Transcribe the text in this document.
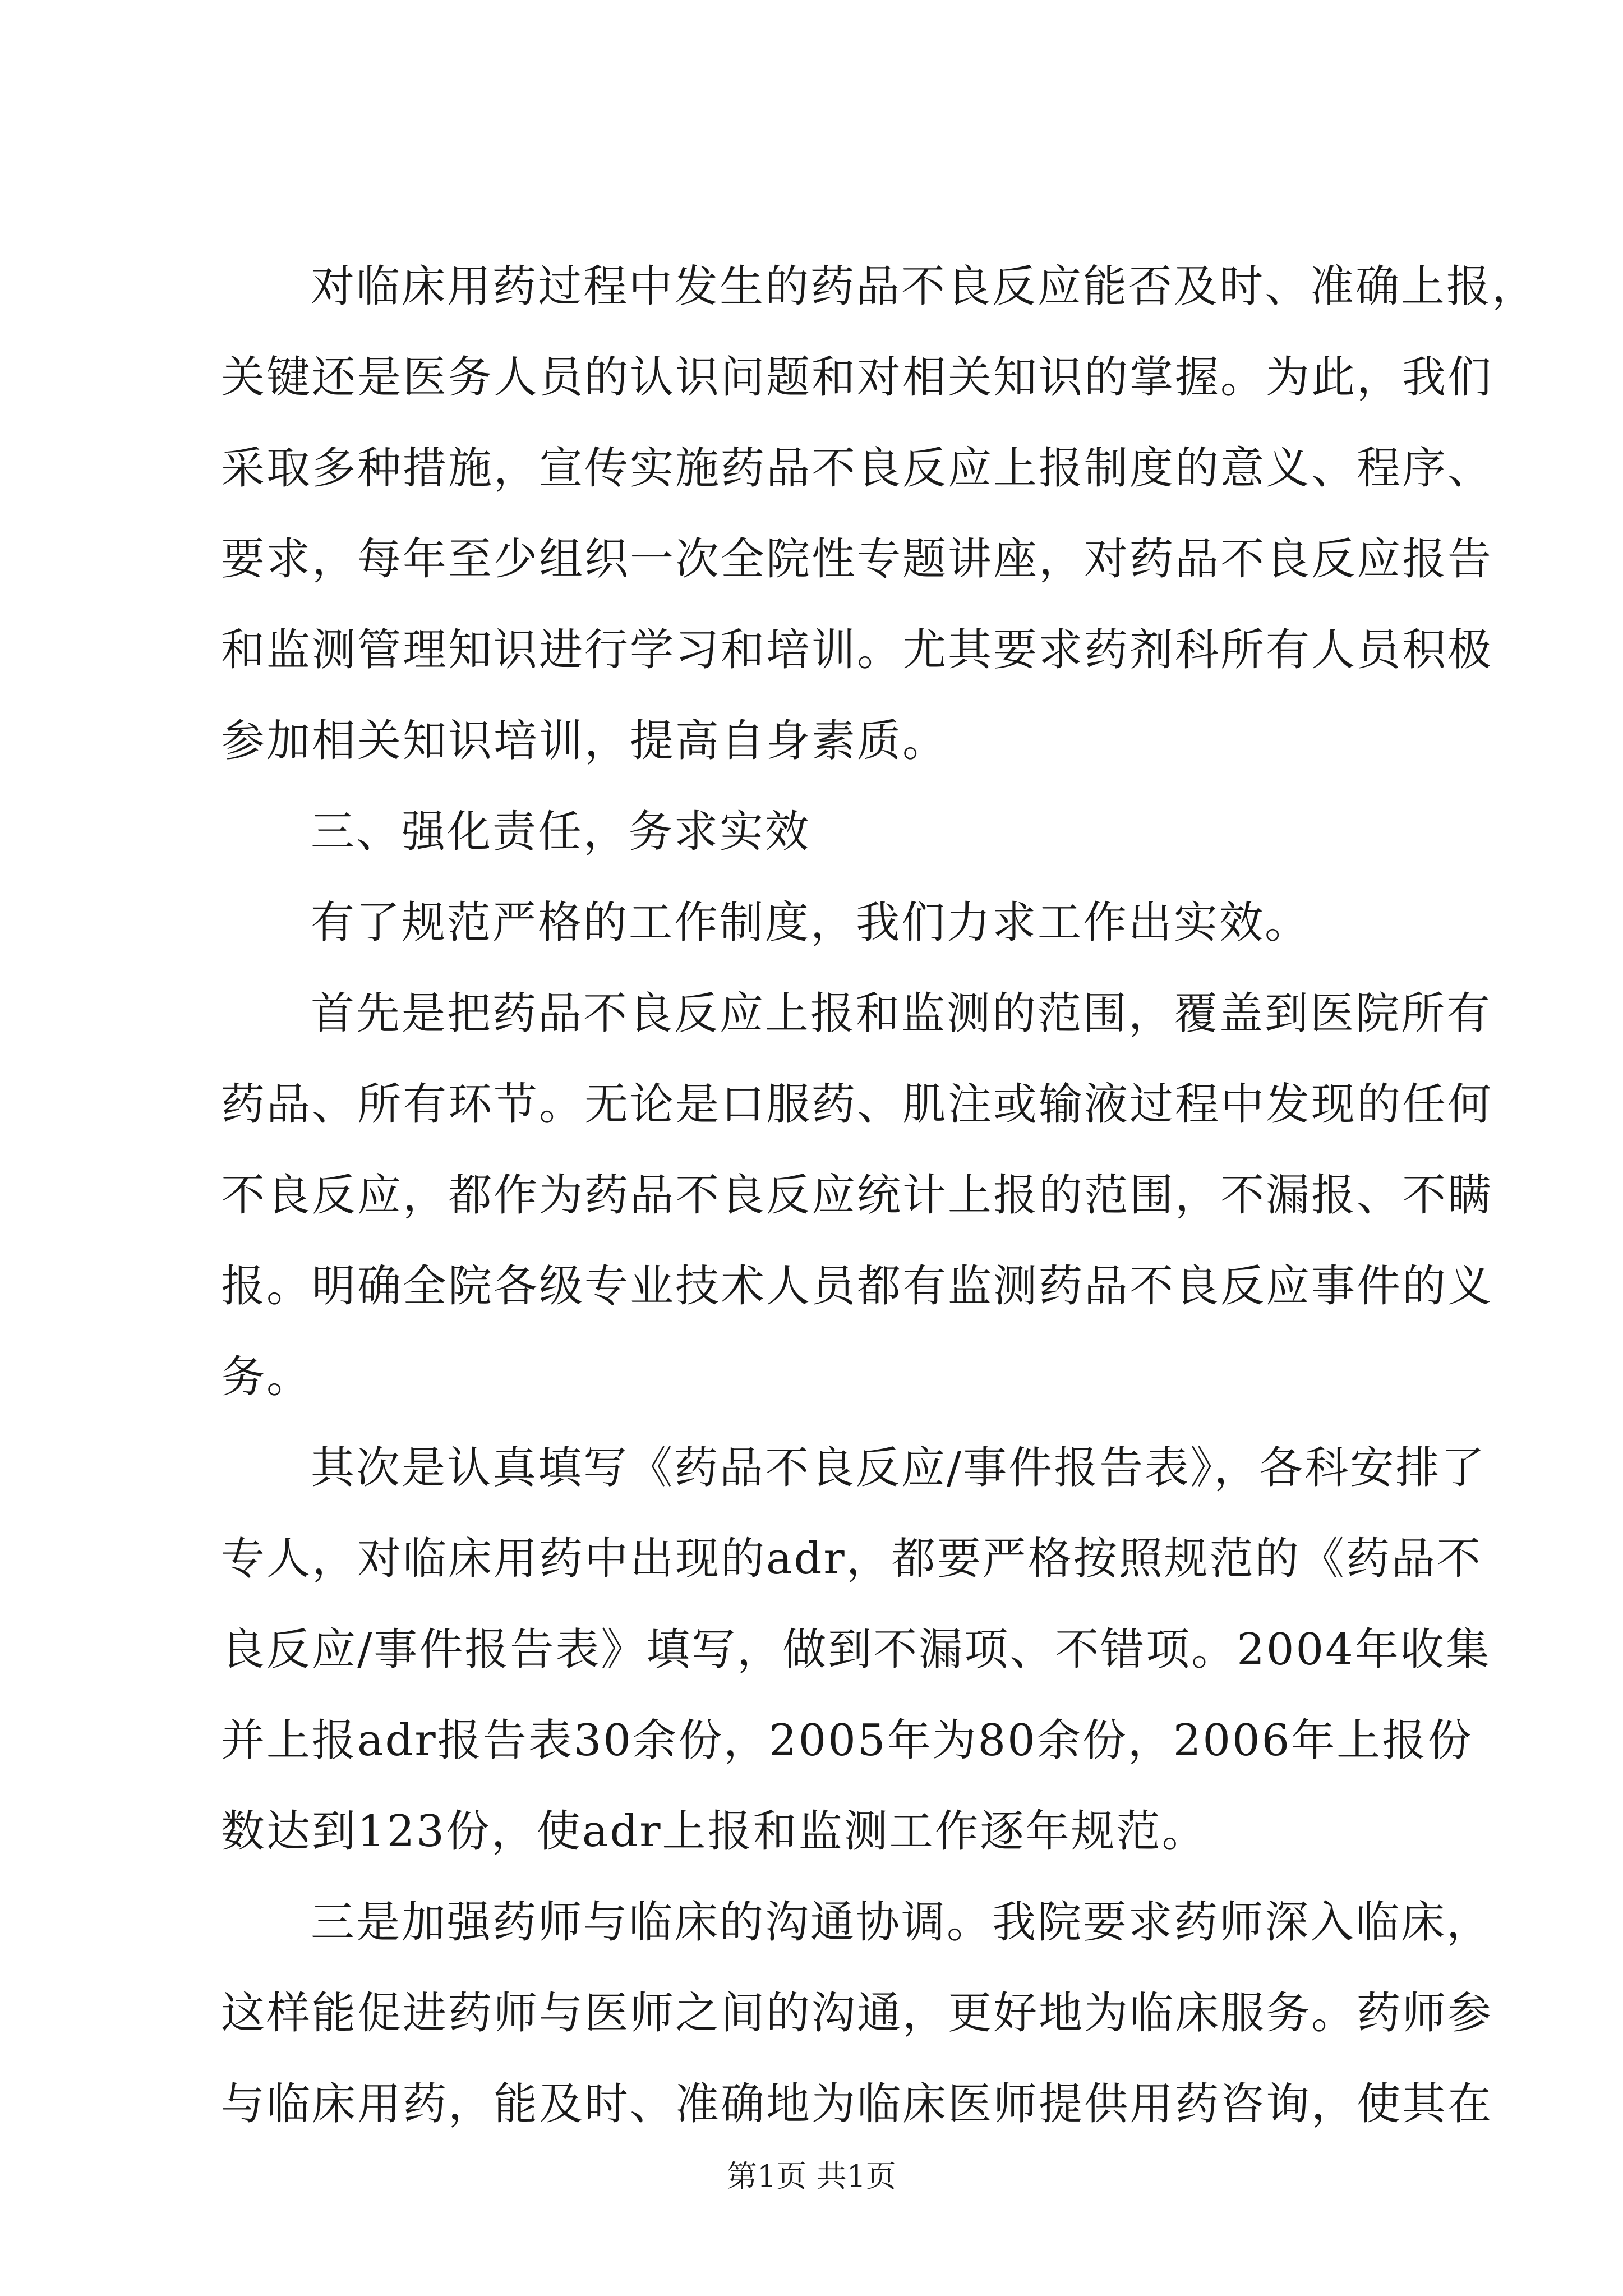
对临床用药过程中发生的药品不良反应能否及时、准确上报，

关键还是医务人员的认识问题和对相关知识的掌握。为此，我们

采取多种措施，宣传实施药品不良反应上报制度的意义、程序、

要求，每年至少组织一次全院性专题讲座，对药品不良反应报告

和监测管理知识进行学习和培训。尤其要求药剂科所有人员积极

参加相关知识培训，提高自身素质。

三、强化责任，务求实效

有了规范严格的工作制度，我们力求工作出实效。

首先是把药品不良反应上报和监测的范围，覆盖到医院所有

药品、所有环节。无论是口服药、肌注或输液过程中发现的任何

不良反应，都作为药品不良反应统计上报的范围，不漏报、不瞒

报。明确全院各级专业技术人员都有监测药品不良反应事件的义

务。

其次是认真填写《药品不良反应/事件报告表》，各科安排了

专人，对临床用药中出现的adr，都要严格按照规范的《药品不

良反应/事件报告表》填写，做到不漏项、不错项。2004年收集

并上报adr报告表30余份，2005年为80余份，2006年上报份

数达到123份，使adr上报和监测工作逐年规范。

三是加强药师与临床的沟通协调。我院要求药师深入临床，

这样能促进药师与医师之间的沟通，更好地为临床服务。药师参

与临床用药，能及时、准确地为临床医师提供用药咨询，使其在

第1页 共1页
